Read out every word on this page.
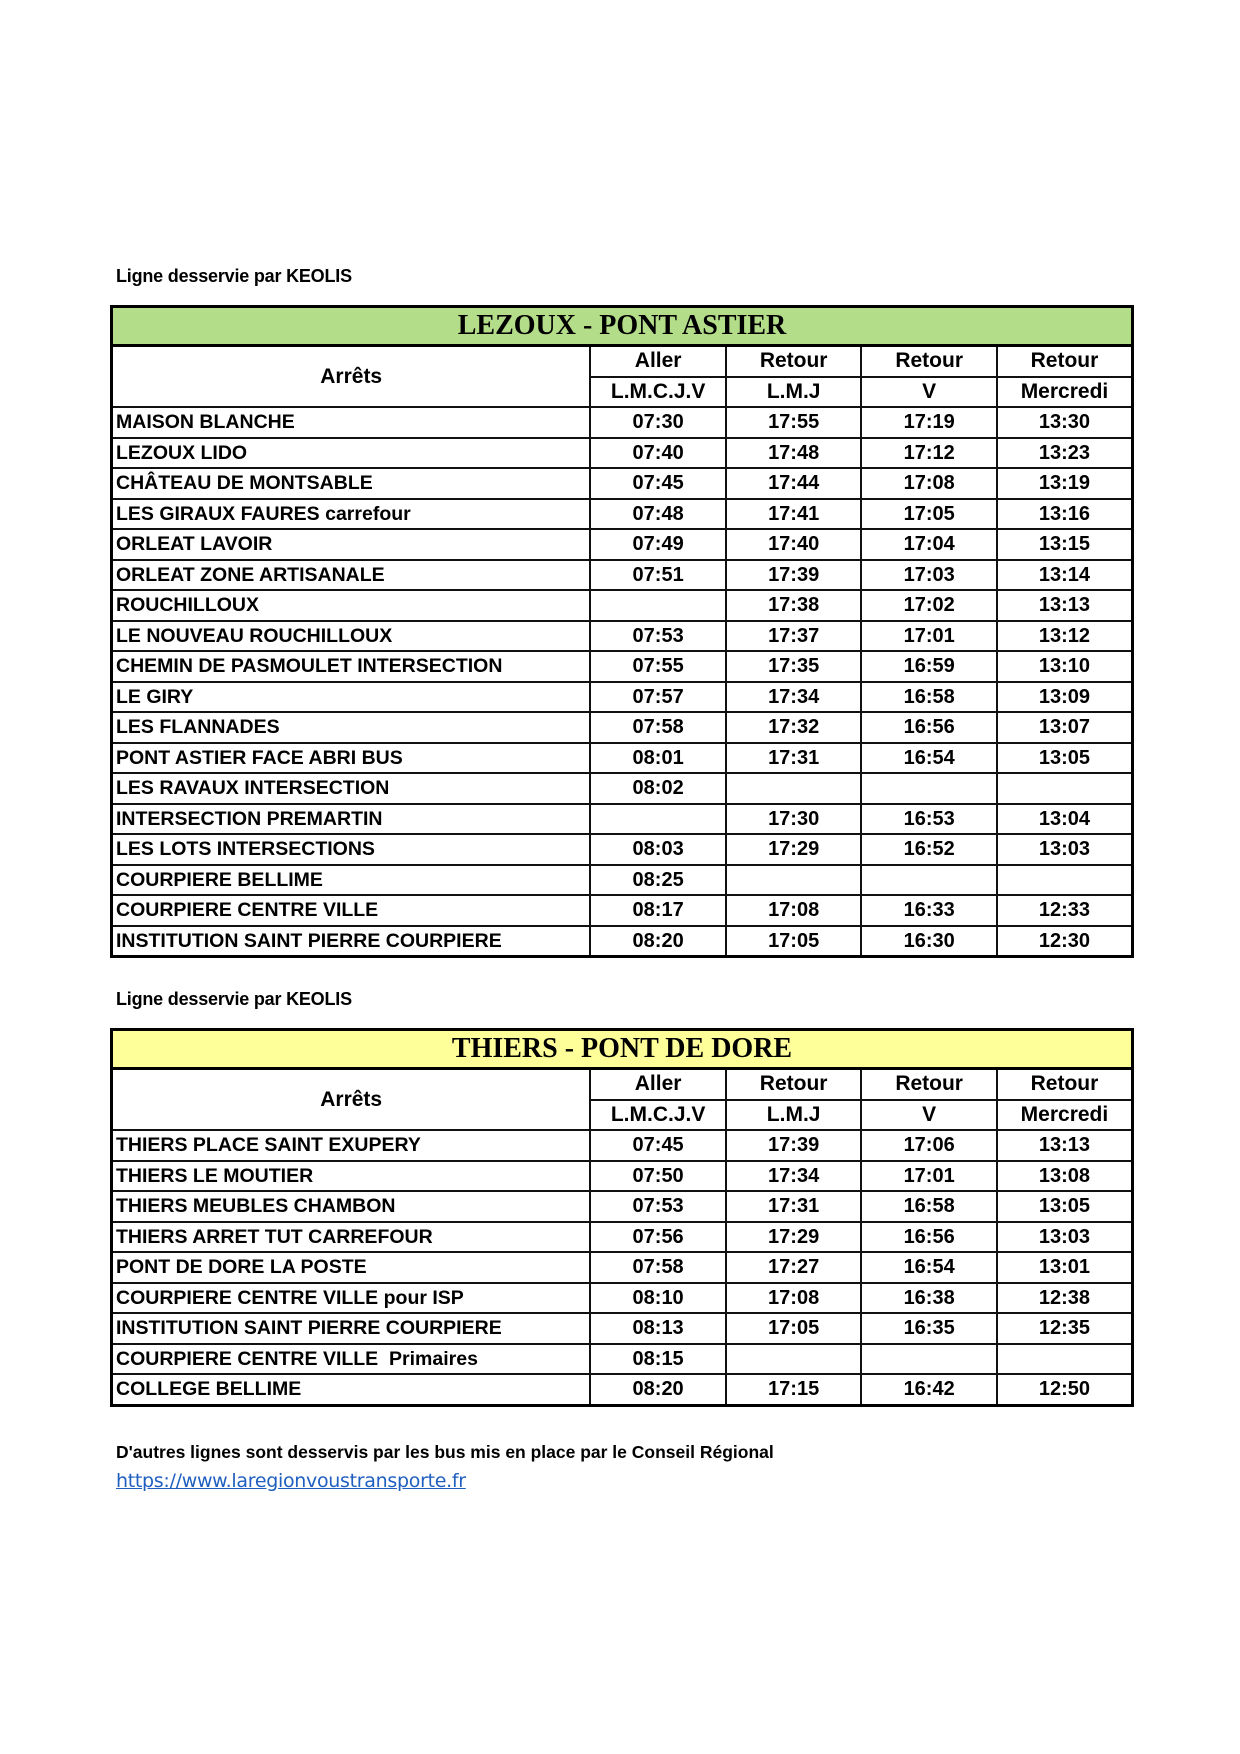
Ligne desservie par KEOLIS
LEZOUX - PONT ASTIER				
Arrêts	Aller	Retour	Retour	Retour
	L.M.C.J.V	L.M.J	V	Mercredi
MAISON BLANCHE	07:30	17:55	17:19	13:30
LEZOUX LIDO	07:40	17:48	17:12	13:23
CHÂTEAU DE MONTSABLE	07:45	17:44	17:08	13:19
LES GIRAUX FAURES carrefour	07:48	17:41	17:05	13:16
ORLEAT LAVOIR	07:49	17:40	17:04	13:15
ORLEAT ZONE ARTISANALE	07:51	17:39	17:03	13:14
ROUCHILLOUX		17:38	17:02	13:13
LE NOUVEAU ROUCHILLOUX	07:53	17:37	17:01	13:12
CHEMIN DE PASMOULET INTERSECTION	07:55	17:35	16:59	13:10
LE GIRY	07:57	17:34	16:58	13:09
LES FLANNADES	07:58	17:32	16:56	13:07
PONT ASTIER FACE ABRI BUS	08:01	17:31	16:54	13:05
LES RAVAUX INTERSECTION	08:02			
INTERSECTION PREMARTIN		17:30	16:53	13:04
LES LOTS INTERSECTIONS	08:03	17:29	16:52	13:03
COURPIERE BELLIME	08:25			
COURPIERE CENTRE VILLE	08:17	17:08	16:33	12:33
INSTITUTION SAINT PIERRE COURPIERE	08:20	17:05	16:30	12:30
Ligne desservie par KEOLIS
THIERS - PONT DE DORE				
Arrêts	Aller	Retour	Retour	Retour
	L.M.C.J.V	L.M.J	V	Mercredi
THIERS PLACE SAINT EXUPERY	07:45	17:39	17:06	13:13
THIERS LE MOUTIER	07:50	17:34	17:01	13:08
THIERS MEUBLES CHAMBON	07:53	17:31	16:58	13:05
THIERS ARRET TUT CARREFOUR	07:56	17:29	16:56	13:03
PONT DE DORE LA POSTE	07:58	17:27	16:54	13:01
COURPIERE CENTRE VILLE pour ISP	08:10	17:08	16:38	12:38
INSTITUTION SAINT PIERRE COURPIERE	08:13	17:05	16:35	12:35
COURPIERE CENTRE VILLE  Primaires	08:15			
COLLEGE BELLIME	08:20	17:15	16:42	12:50
D'autres lignes sont desservis par les bus mis en place par le Conseil Régional
https://www.laregionvoustransporte.fr
